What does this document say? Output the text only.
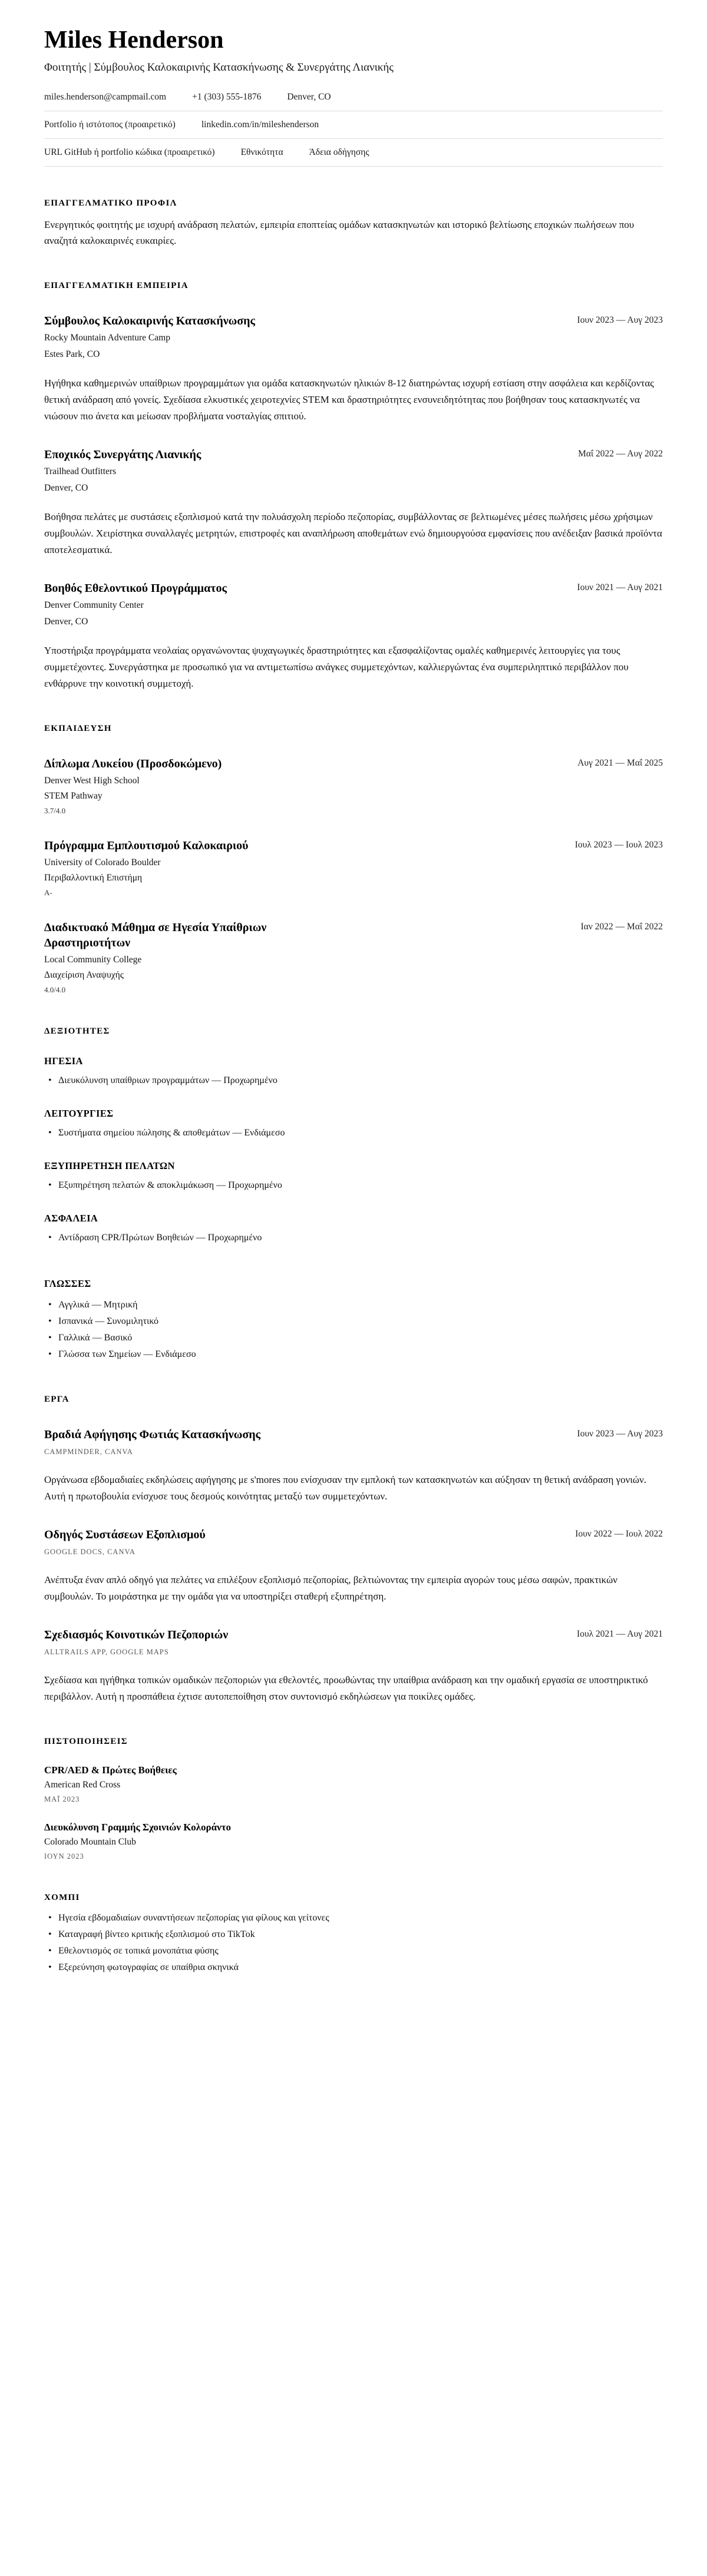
Miles Henderson
Φοιτητής | Σύμβουλος Καλοκαιρινής Κατασκήνωσης & Συνεργάτης Λιανικής
miles.henderson@campmail.com	+1 (303) 555-1876	Denver, CO
Portfolio ή ιστότοπος (προαιρετικό)	linkedin.com/in/mileshenderson
URL GitHub ή portfolio κώδικα (προαιρετικό)	Εθνικότητα	Άδεια οδήγησης
ΕΠΑΓΓΕΛΜΑΤΙΚΟ ΠΡΟΦΙΛ

Ενεργητικός φοιτητής με ισχυρή ανάδραση πελατών, εμπειρία εποπτείας ομάδων κατασκηνωτών και ιστορικό βελτίωσης εποχικών πωλήσεων που αναζητά καλοκαιρινές ευκαιρίες.

ΕΠΑΓΓΕΛΜΑΤΙΚΗ ΕΜΠΕΙΡΙΑ
Σύμβουλος Καλοκαιρινής Κατασκήνωσης	Ιουν 2023 — Αυγ 2023
Rocky Mountain Adventure Camp
Estes Park, CO

Ηγήθηκα καθημερινών υπαίθριων προγραμμάτων για ομάδα κατασκηνωτών ηλικιών 8-12 διατηρώντας ισχυρή εστίαση στην ασφάλεια και κερδίζοντας θετική ανάδραση από γονείς. Σχεδίασα ελκυστικές χειροτεχνίες STEM και δραστηριότητες ενσυνειδητότητας που βοήθησαν τους κατασκηνωτές να νιώσουν πιο άνετα και μείωσαν προβλήματα νοσταλγίας σπιτιού.

Εποχικός Συνεργάτης Λιανικής	Μαΐ 2022 — Αυγ 2022
Trailhead Outfitters
Denver, CO

Βοήθησα πελάτες με συστάσεις εξοπλισμού κατά την πολυάσχολη περίοδο πεζοπορίας, συμβάλλοντας σε βελτιωμένες μέσες πωλήσεις μέσω χρήσιμων συμβουλών. Χειρίστηκα συναλλαγές μετρητών, επιστροφές και αναπλήρωση αποθεμάτων ενώ δημιουργούσα εμφανίσεις που ανέδειξαν βασικά προϊόντα αποτελεσματικά.

Βοηθός Εθελοντικού Προγράμματος	Ιουν 2021 — Αυγ 2021
Denver Community Center
Denver, CO

Υποστήριξα προγράμματα νεολαίας οργανώνοντας ψυχαγωγικές δραστηριότητες και εξασφαλίζοντας ομαλές καθημερινές λειτουργίες για τους συμμετέχοντες. Συνεργάστηκα με προσωπικό για να αντιμετωπίσω ανάγκες συμμετεχόντων, καλλιεργώντας ένα συμπεριληπτικό περιβάλλον που ενθάρρυνε την κοινοτική συμμετοχή.

ΕΚΠΑΙΔΕΥΣΗ
Δίπλωμα Λυκείου (Προσδοκώμενο)	Αυγ 2021 — Μαΐ 2025
Denver West High School
STEM Pathway
3.7/4.0
Πρόγραμμα Εμπλουτισμού Καλοκαιριού	Ιουλ 2023 — Ιουλ 2023
University of Colorado Boulder
Περιβαλλοντική Επιστήμη
A-
Διαδικτυακό Μάθημα σε Ηγεσία Υπαίθριων Δραστηριοτήτων
Ιαν 2022 — Μαΐ 2022
Local Community College
Διαχείριση Αναψυχής
4.0/4.0
ΔΕΞΙΟΤΗΤΕΣ
ΗΓΕΣΙΑ
• Διευκόλυνση υπαίθριων προγραμμάτων — Προχωρημένο
ΛΕΙΤΟΥΡΓΙΕΣ
• Συστήματα σημείου πώλησης & αποθεμάτων — Ενδιάμεσο
ΕΞΥΠΗΡΕΤΗΣΗ ΠΕΛΑΤΩΝ
• Εξυπηρέτηση πελατών & αποκλιμάκωση — Προχωρημένο
ΑΣΦΑΛΕΙΑ
• Αντίδραση CPR/Πρώτων Βοηθειών — Προχωρημένο
ΓΛΩΣΣΕΣ
• Αγγλικά — Μητρική
• Ισπανικά — Συνομιλητικό
• Γαλλικά — Βασικό
• Γλώσσα των Σημείων — Ενδιάμεσο
ΕΡΓΑ
Βραδιά Αφήγησης Φωτιάς Κατασκήνωσης	Ιουν 2023 — Αυγ 2023
CAMPMINDER, CANVA

Οργάνωσα εβδομαδιαίες εκδηλώσεις αφήγησης με s'mores που ενίσχυσαν την εμπλοκή των κατασκηνωτών και αύξησαν τη θετική ανάδραση γονιών. Αυτή η πρωτοβουλία ενίσχυσε τους δεσμούς κοινότητας μεταξύ των συμμετεχόντων.

Οδηγός Συστάσεων Εξοπλισμού	Ιουν 2022 — Ιουλ 2022
GOOGLE DOCS, CANVA

Ανέπτυξα έναν απλό οδηγό για πελάτες να επιλέξουν εξοπλισμό πεζοπορίας, βελτιώνοντας την εμπειρία αγορών τους μέσω σαφών, πρακτικών συμβουλών. Το μοιράστηκα με την ομάδα για να υποστηρίξει σταθερή εξυπηρέτηση.

Σχεδιασμός Κοινοτικών Πεζοποριών	Ιουλ 2021 — Αυγ 2021
ALLTRAILS APP, GOOGLE MAPS

Σχεδίασα και ηγήθηκα τοπικών ομαδικών πεζοποριών για εθελοντές, προωθώντας την υπαίθρια ανάδραση και την ομαδική εργασία σε υποστηρικτικό περιβάλλον. Αυτή η προσπάθεια έχτισε αυτοπεποίθηση στον συντονισμό εκδηλώσεων για ποικίλες ομάδες.

ΠΙΣΤΟΠΟΙΗΣΕΙΣ
CPR/AED & Πρώτες Βοήθειες
American Red Cross
ΜΑΪ 2023
Διευκόλυνση Γραμμής Σχοινιών Κολοράντο
Colorado Mountain Club
ΙΟΥΝ 2023
ΧΟΜΠΙ
• Ηγεσία εβδομαδιαίων συναντήσεων πεζοπορίας για φίλους και γείτονες
• Καταγραφή βίντεο κριτικής εξοπλισμού στο TikTok
• Εθελοντισμός σε τοπικά μονοπάτια φύσης
• Εξερεύνηση φωτογραφίας σε υπαίθρια σκηνικά
